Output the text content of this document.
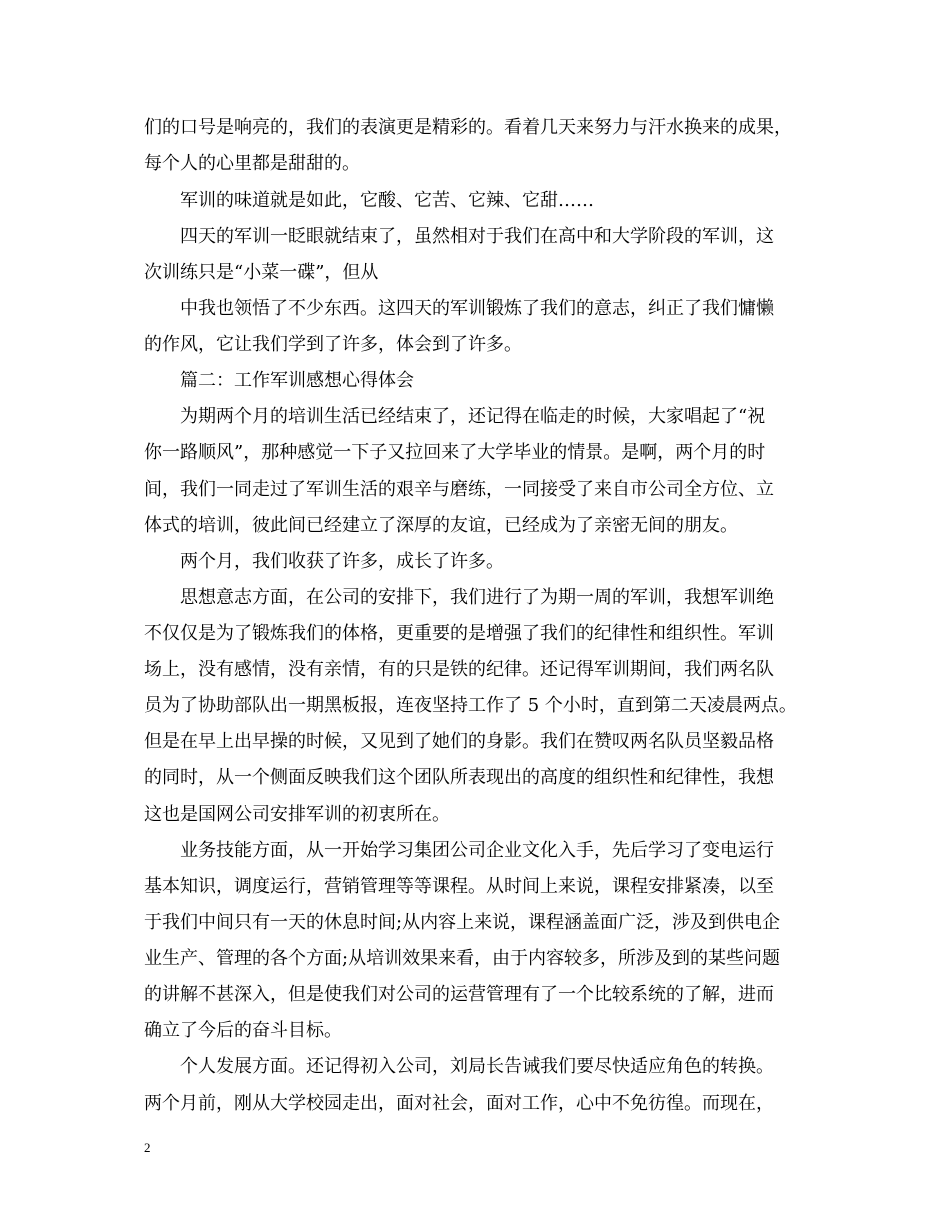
们的口号是响亮的，我们的表演更是精彩的。看着几天来努力与汗水换来的成果，
每个人的心里都是甜甜的。
军训的味道就是如此，它酸、它苦、它辣、它甜……
四天的军训一眨眼就结束了，虽然相对于我们在高中和大学阶段的军训，这
次训练只是“小菜一碟”，但从
中我也领悟了不少东西。这四天的军训锻炼了我们的意志，纠正了我们慵懒
的作风，它让我们学到了许多，体会到了许多。
篇二：工作军训感想心得体会
为期两个月的培训生活已经结束了，还记得在临走的时候，大家唱起了“祝
你一路顺风”，那种感觉一下子又拉回来了大学毕业的情景。是啊，两个月的时
间，我们一同走过了军训生活的艰辛与磨练，一同接受了来自市公司全方位、立
体式的培训，彼此间已经建立了深厚的友谊，已经成为了亲密无间的朋友。
两个月，我们收获了许多，成长了许多。
思想意志方面，在公司的安排下，我们进行了为期一周的军训，我想军训绝
不仅仅是为了锻炼我们的体格，更重要的是增强了我们的纪律性和组织性。军训
场上，没有感情，没有亲情，有的只是铁的纪律。还记得军训期间，我们两名队
员为了协助部队出一期黑板报，连夜坚持工作了 5 个小时，直到第二天凌晨两点。
但是在早上出早操的时候，又见到了她们的身影。我们在赞叹两名队员坚毅品格
的同时，从一个侧面反映我们这个团队所表现出的高度的组织性和纪律性，我想
这也是国网公司安排军训的初衷所在。
业务技能方面，从一开始学习集团公司企业文化入手，先后学习了变电运行
基本知识，调度运行，营销管理等等课程。从时间上来说，课程安排紧凑，以至
于我们中间只有一天的休息时间;从内容上来说，课程涵盖面广泛，涉及到供电企
业生产、管理的各个方面;从培训效果来看，由于内容较多，所涉及到的某些问题
的讲解不甚深入，但是使我们对公司的运营管理有了一个比较系统的了解，进而
确立了今后的奋斗目标。
个人发展方面。还记得初入公司，刘局长告诫我们要尽快适应角色的转换。
两个月前，刚从大学校园走出，面对社会，面对工作，心中不免彷徨。而现在，
2
